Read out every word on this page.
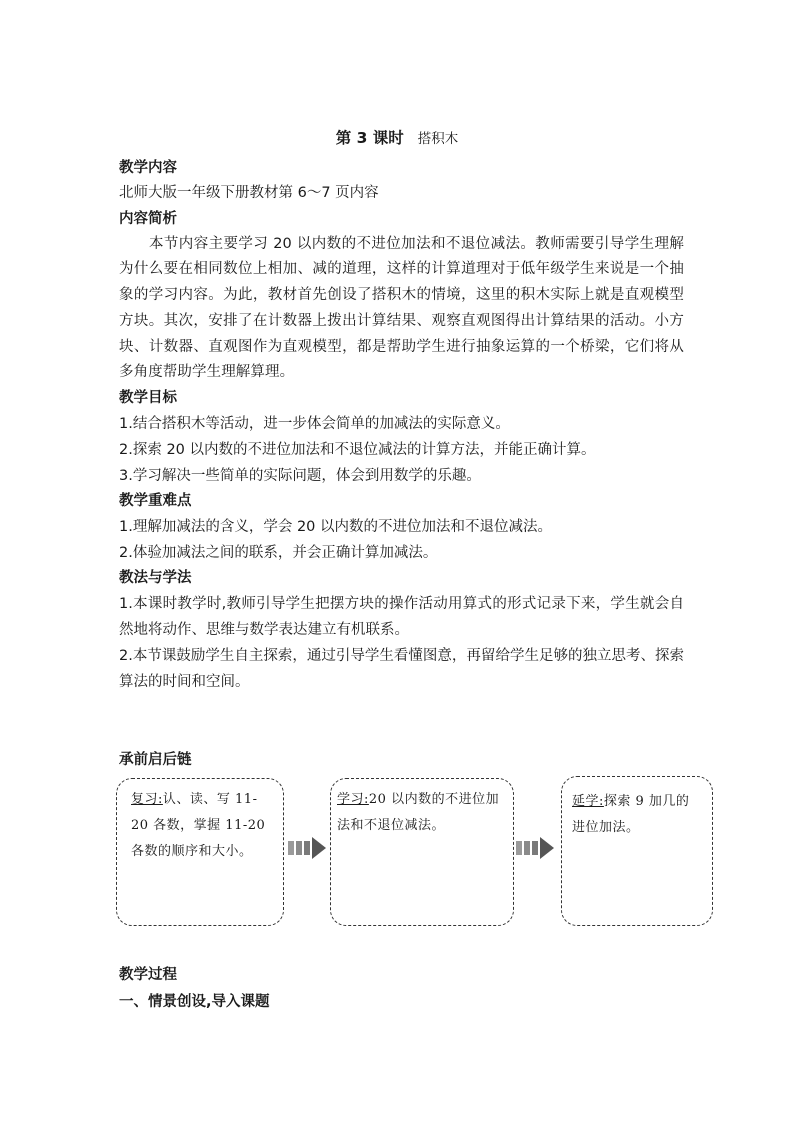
第 3 课时 搭积木
教学内容
北师大版一年级下册教材第 6～7 页内容
内容简析
本节内容主要学习 20 以内数的不进位加法和不退位减法。教师需要引导学生理解为什么要在相同数位上相加、减的道理，这样的计算道理对于低年级学生来说是一个抽象的学习内容。为此，教材首先创设了搭积木的情境，这里的积木实际上就是直观模型方块。其次，安排了在计数器上拨出计算结果、观察直观图得出计算结果的活动。小方块、计数器、直观图作为直观模型，都是帮助学生进行抽象运算的一个桥梁，它们将从多角度帮助学生理解算理。
教学目标
1.结合搭积木等活动，进一步体会简单的加减法的实际意义。
2.探索 20 以内数的不进位加法和不退位减法的计算方法，并能正确计算。
3.学习解决一些简单的实际问题，体会到用数学的乐趣。
教学重难点
1.理解加减法的含义，学会 20 以内数的不进位加法和不退位减法。
2.体验加减法之间的联系，并会正确计算加减法。
教法与学法
1.本课时教学时,教师引导学生把摆方块的操作活动用算式的形式记录下来，学生就会自然地将动作、思维与数学表达建立有机联系。
2.本节课鼓励学生自主探索，通过引导学生看懂图意，再留给学生足够的独立思考、探索算法的时间和空间。
承前启后链
复习:认、读、写 11-20 各数，掌握 11-20 各数的顺序和大小。
学习:20 以内数的不进位加法和不退位减法。
延学:探索 9 加几的进位加法。
教学过程
一、情景创设,导入课题
